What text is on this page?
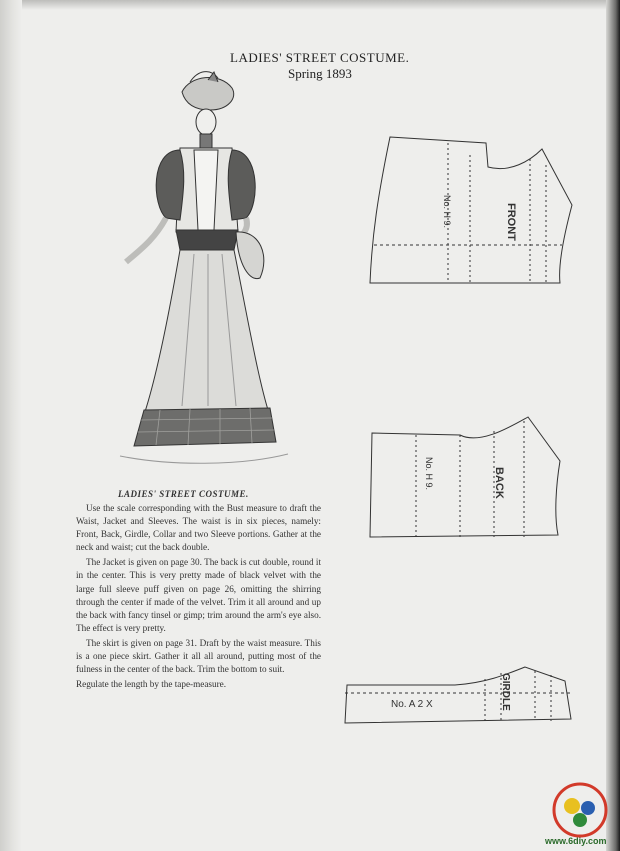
LADIES' STREET COSTUME.
Spring 1893
LADIES' STREET COSTUME.

Use the scale corresponding with the Bust measure to draft the Waist, Jacket and Sleeves. The waist is in six pieces, namely: Front, Back, Girdle, Collar and two Sleeve portions. Gather at the neck and waist; cut the back double.

The Jacket is given on page 30. The back is cut double, round it in the center. This is very pretty made of black velvet with the large full sleeve puff given on page 26, omitting the shirring through the center if made of the velvet. Trim it all around and up the back with fancy tinsel or gimp; trim around the arm's eye also. The effect is very pretty.

The skirt is given on page 31. Draft by the waist measure. This is a one piece skirt. Gather it all all around, putting most of the fulness in the center of the back. Trim the bottom to suit.

Regulate the length by the tape-measure.

No. H 9.	FRONT
No. H 9.	BACK
No. A 2 X	GIRDLE
www.6diy.com
